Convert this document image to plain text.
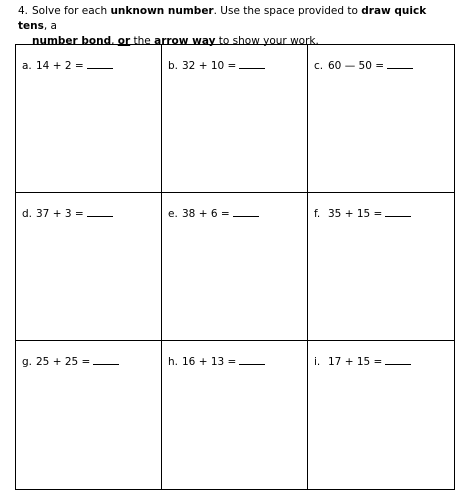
4. Solve for each unknown number. Use the space provided to draw quick tens, a
number bond, or the arrow way to show your work.
a. 14 + 2 =	b. 32 + 10 =	c. 60 — 50 =
d. 37 + 3 =	e. 38 + 6 =	f. 35 + 15 =
g. 25 + 25 =	h. 16 + 13 =	i. 17 + 15 =
